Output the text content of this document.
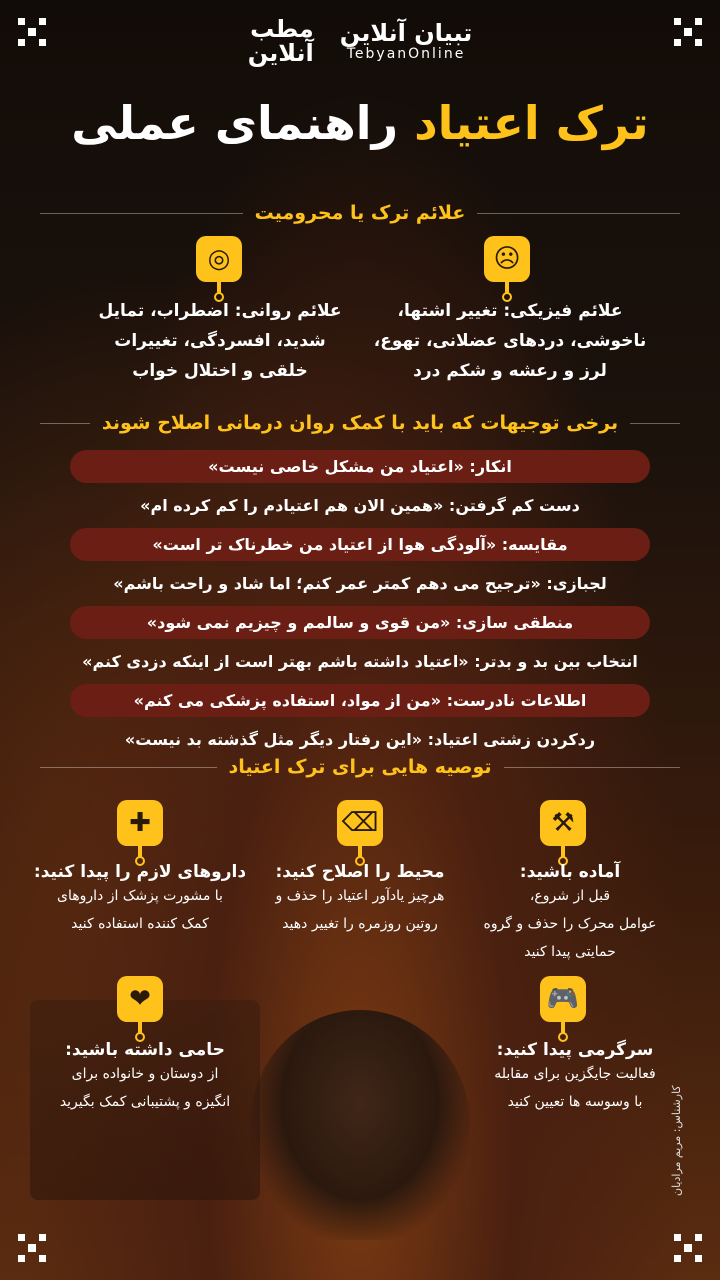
مطب
آنلاین
تبیان آنلاین
TebyanOnline
ترک اعتیاد راهنمای عملی
علائم ترک یا محرومیت
☹
◎
علائم فیزیکی: تغییر اشتها،
ناخوشی، دردهای عضلانی، تهوع،
لرز و رعشه و شکم درد
علائم روانی: اضطراب، تمایل
شدید، افسردگی، تغییرات
خلقی و اختلال خواب
برخی توجیهات که باید با کمک روان درمانی اصلاح شوند
انکار: «اعتیاد من مشکل خاصی نیست»
دست کم گرفتن: «همین الان هم اعتیادم را کم کرده ام»
مقایسه: «آلودگی هوا از اعتیاد من خطرناک تر است»
لجبازی: «ترجیح می دهم کمتر عمر کنم؛ اما شاد و راحت باشم»
منطقی سازی: «من قوی و سالمم و چیزیم نمی شود»
انتخاب بین بد و بدتر: «اعتیاد داشته باشم بهتر است از اینکه دزدی کنم»
اطلاعات نادرست: «من از مواد، استفاده پزشکی می کنم»
ردکردن زشتی اعتیاد: «این رفتار دیگر مثل گذشته بد نیست»
توصیه هایی برای ترک اعتیاد
⚒
آماده باشید:
قبل از شروع،
عوامل محرک را حذف و گروه
حمایتی پیدا کنید
⌫
محیط را اصلاح کنید:
هرچیز یادآور اعتیاد را حذف و
روتین روزمره را تغییر دهید
✚
داروهای لازم را پیدا کنید:
با مشورت پزشک از داروهای
کمک کننده استفاده کنید
🎮
سرگرمی پیدا کنید:
فعالیت جایگزین برای مقابله
با وسوسه ها تعیین کنید
❤
حامی داشته باشید:
از دوستان و خانواده برای
انگیزه و پشتیبانی کمک بگیرید	کارشناس: مریم مرادیان
